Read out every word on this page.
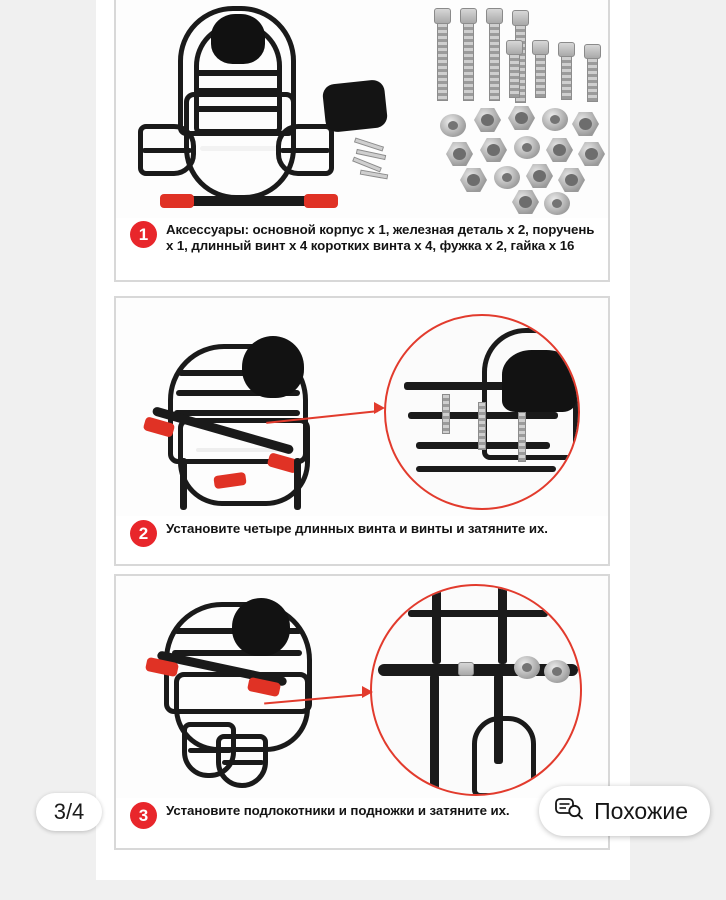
1	Аксессуары: основной корпус x 1, железная деталь x 2, поручень x 1, длинный винт x 4 коротких винта x 4, фужка x 2, гайка x 16
2	Установите четыре длинных винта и винты и затяните их.
3	Установите подлокотники и подножки и затяните их.
3/4	Похожие
